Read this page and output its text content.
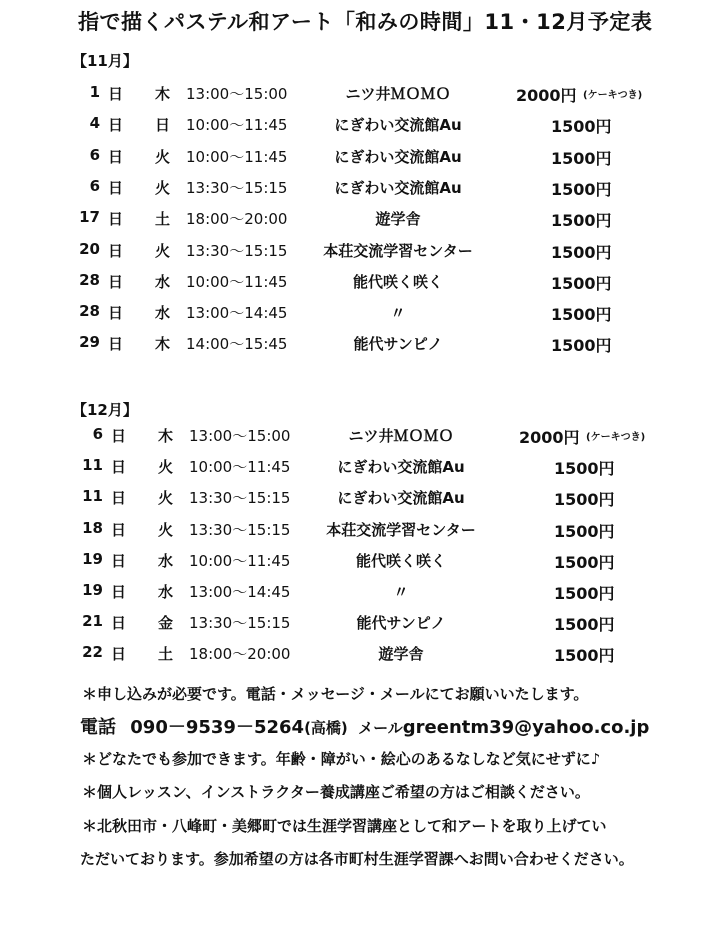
指で描くパステル和アート「和みの時間」11・12月予定表
【11月】
1 日 木 13:00～15:00	ニツ井ＭＯＭＯ	2000円 (ケーキつき)
4 日 日 10:00～11:45	にぎわい交流館Au	1500円
6 日 火 10:00～11:45	にぎわい交流館Au	1500円
6 日 火 13:30～15:15	にぎわい交流館Au	1500円
17 日 土 18:00～20:00	遊学舎	1500円
20 日 火 13:30～15:15	本荘交流学習センター	1500円
28 日 水 10:00～11:45	能代咲く咲く	1500円
28 日 水 13:00～14:45	〃	1500円
29 日 木 14:00～15:45	能代サンピノ	1500円
【12月】
6 日 木 13:00～15:00	ニツ井ＭＯＭＯ	2000円 (ケーキつき)
11 日 火 10:00～11:45	にぎわい交流館Au	1500円
11 日 火 13:30～15:15	にぎわい交流館Au	1500円
18 日 火 13:30～15:15	本荘交流学習センター	1500円
19 日 水 10:00～11:45	能代咲く咲く	1500円
19 日 水 13:00～14:45	〃	1500円
21 日 金 13:30～15:15	能代サンピノ	1500円
22 日 土 18:00～20:00	遊学舎	1500円
＊申し込みが必要です。電話・メッセージ・メールにてお願いいたします。
電話 090－9539－5264(高橋) メールgreentm39@yahoo.co.jp
＊どなたでも参加できます。年齢・障がい・絵心のあるなしなど気にせずに♪
＊個人レッスン、インストラクター養成講座ご希望の方はご相談ください。
＊北秋田市・八峰町・美郷町では生涯学習講座として和アートを取り上げてい
ただいております。参加希望の方は各市町村生涯学習課へお問い合わせください。
